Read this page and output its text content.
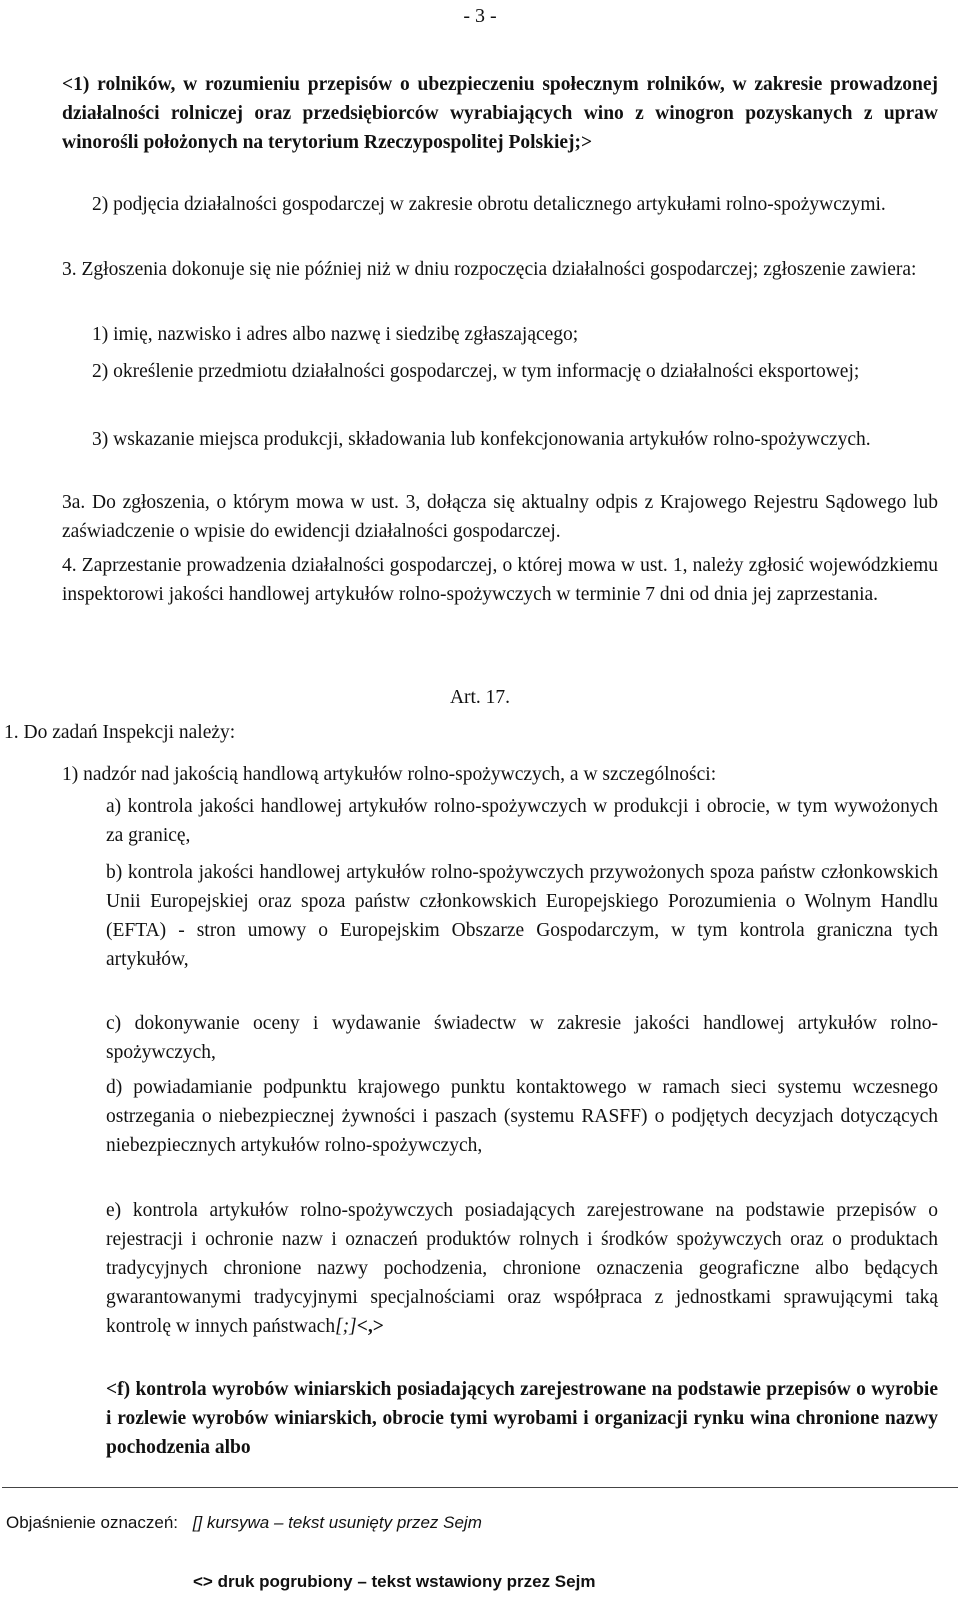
- 3 -
<1) rolników, w rozumieniu przepisów o ubezpieczeniu społecznym rolników, w zakresie prowadzonej działalności rolniczej oraz przedsiębiorców wyrabiających wino z winogron pozyskanych z upraw winorośli położonych na terytorium Rzeczypospolitej Polskiej;>
2) podjęcia działalności gospodarczej w zakresie obrotu detalicznego artykułami rolno-spożywczymi.
3. Zgłoszenia dokonuje się nie później niż w dniu rozpoczęcia działalności gospodarczej; zgłoszenie zawiera:
1) imię, nazwisko i adres albo nazwę i siedzibę zgłaszającego;
2) określenie przedmiotu działalności gospodarczej, w tym informację o działalności eksportowej;
3) wskazanie miejsca produkcji, składowania lub konfekcjonowania artykułów rolno-spożywczych.
3a. Do zgłoszenia, o którym mowa w ust. 3, dołącza się aktualny odpis z Krajowego Rejestru Sądowego lub zaświadczenie o wpisie do ewidencji działalności gospodarczej.
4. Zaprzestanie prowadzenia działalności gospodarczej, o której mowa w ust. 1, należy zgłosić wojewódzkiemu inspektorowi jakości handlowej artykułów rolno-spożywczych w terminie 7 dni od dnia jej zaprzestania.
Art. 17.
1. Do zadań Inspekcji należy:
1) nadzór nad jakością handlową artykułów rolno-spożywczych, a w szczególności:
a) kontrola jakości handlowej artykułów rolno-spożywczych w produkcji i obrocie, w tym wywożonych za granicę,
b) kontrola jakości handlowej artykułów rolno-spożywczych przywożonych spoza państw członkowskich Unii Europejskiej oraz spoza państw członkowskich Europejskiego Porozumienia o Wolnym Handlu (EFTA) - stron umowy o Europejskim Obszarze Gospodarczym, w tym kontrola graniczna tych artykułów,
c) dokonywanie oceny i wydawanie świadectw w zakresie jakości handlowej artykułów rolno-spożywczych,
d) powiadamianie podpunktu krajowego punktu kontaktowego w ramach sieci systemu wczesnego ostrzegania o niebezpiecznej żywności i paszach (systemu RASFF) o podjętych decyzjach dotyczących niebezpiecznych artykułów rolno-spożywczych,
e) kontrola artykułów rolno-spożywczych posiadających zarejestrowane na podstawie przepisów o rejestracji i ochronie nazw i oznaczeń produktów rolnych i środków spożywczych oraz o produktach tradycyjnych chronione nazwy pochodzenia, chronione oznaczenia geograficzne albo będących gwarantowanymi tradycyjnymi specjalnościami oraz współpraca z jednostkami sprawującymi taką kontrolę w innych państwach[;]<,>
<f) kontrola wyrobów winiarskich posiadających zarejestrowane na podstawie przepisów o wyrobie i rozlewie wyrobów winiarskich, obrocie tymi wyrobami i organizacji rynku wina chronione nazwy pochodzenia albo
Objaśnienie oznaczeń: [] kursywa – tekst usunięty przez Sejm
<> druk pogrubiony – tekst wstawiony przez Sejm
